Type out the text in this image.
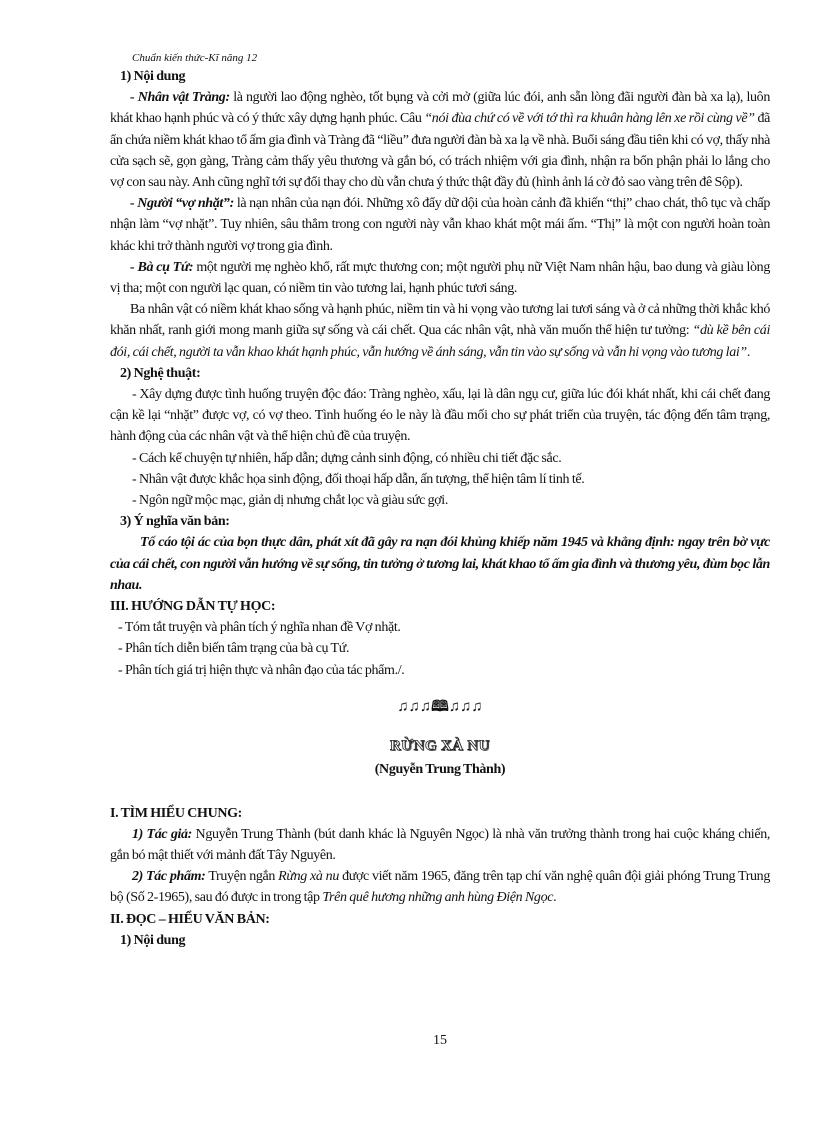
Chuẩn kiến thức-Kĩ năng 12

1) Nội dung

- Nhân vật Tràng: là người lao động nghèo, tốt bụng và cởi mở (giữa lúc đói, anh sẵn lòng đãi người đàn bà xa lạ), luôn khát khao hạnh phúc và có ý thức xây dựng hạnh phúc. Câu “nói đùa chứ có về với tớ thì ra khuân hàng lên xe rồi cùng về” đã ẩn chứa niềm khát khao tổ ấm gia đình và Tràng đã “liều” đưa người đàn bà xa lạ về nhà. Buổi sáng đầu tiên khi có vợ, thấy nhà cửa sạch sẽ, gọn gàng, Tràng cảm thấy yêu thương và gắn bó, có trách nhiệm với gia đình, nhận ra bổn phận phải lo lắng cho vợ con sau này. Anh cũng nghĩ tới sự đổi thay cho dù vẫn chưa ý thức thật đầy đủ (hình ảnh lá cờ đỏ sao vàng trên đê Sộp).

- Người “vợ nhặt”: là nạn nhân của nạn đói. Những xô đẩy dữ dội của hoàn cảnh đã khiến “thị” chao chát, thô tục và chấp nhận làm “vợ nhặt”. Tuy nhiên, sâu thẳm trong con người này vẫn khao khát một mái ấm. “Thị” là một con người hoàn toàn khác khi trở thành người vợ trong gia đình.

- Bà cụ Tứ: một người mẹ nghèo khổ, rất mực thương con; một người phụ nữ Việt Nam nhân hậu, bao dung và giàu lòng vị tha; một con người lạc quan, có niềm tin vào tương lai, hạnh phúc tươi sáng.

Ba nhân vật có niềm khát khao sống và hạnh phúc, niềm tin và hi vọng vào tương lai tươi sáng và ở cả những thời khắc khó khăn nhất, ranh giới mong manh giữa sự sống và cái chết. Qua các nhân vật, nhà văn muốn thể hiện tư tưởng: “dù kề bên cái đói, cái chết, người ta vẫn khao khát hạnh phúc, vẫn hướng về ánh sáng, vẫn tin vào sự sống và vẫn hi vọng vào tương lai”.

2) Nghệ thuật:

- Xây dựng được tình huống truyện độc đáo: Tràng nghèo, xấu, lại là dân ngụ cư, giữa lúc đói khát nhất, khi cái chết đang cận kề lại “nhặt” được vợ, có vợ theo. Tình huống éo le này là đầu mối cho sự phát triển của truyện, tác động đến tâm trạng, hành động của các nhân vật và thể hiện chủ đề của truyện.

- Cách kể chuyện tự nhiên, hấp dẫn; dựng cảnh sinh động, có nhiều chi tiết đặc sắc.

- Nhân vật được khắc họa sinh động, đối thoại hấp dẫn, ấn tượng, thể hiện tâm lí tinh tế.

- Ngôn ngữ mộc mạc, giản dị nhưng chắt lọc và giàu sức gợi.

3) Ý nghĩa văn bản:

Tố cáo tội ác của bọn thực dân, phát xít đã gây ra nạn đói khủng khiếp năm 1945 và khẳng định: ngay trên bờ vực của cái chết, con người vẫn hướng về sự sống, tin tưởng ở tương lai, khát khao tổ ấm gia đình và thương yêu, đùm bọc lẫn nhau.

III. HƯỚNG DẪN TỰ HỌC:

- Tóm tắt truyện và phân tích ý nghĩa nhan đề Vợ nhặt.

- Phân tích diễn biến tâm trạng của bà cụ Tứ.

- Phân tích giá trị hiện thực và nhân đạo của tác phẩm./.

♫♫♫🕮♫♫♫

RỪNG XÀ NU

(Nguyễn Trung Thành)

I. TÌM HIỂU CHUNG:

1) Tác giả: Nguyễn Trung Thành (bút danh khác là Nguyên Ngọc) là nhà văn trưởng thành trong hai cuộc kháng chiến, gắn bó mật thiết với mảnh đất Tây Nguyên.

2) Tác phẩm: Truyện ngắn Rừng xà nu được viết năm 1965, đăng trên tạp chí văn nghệ quân đội giải phóng Trung Trung bộ (Số 2-1965), sau đó được in trong tập Trên quê hương những anh hùng Điện Ngọc.

II. ĐỌC – HIỂU VĂN BẢN:

1) Nội dung

15
